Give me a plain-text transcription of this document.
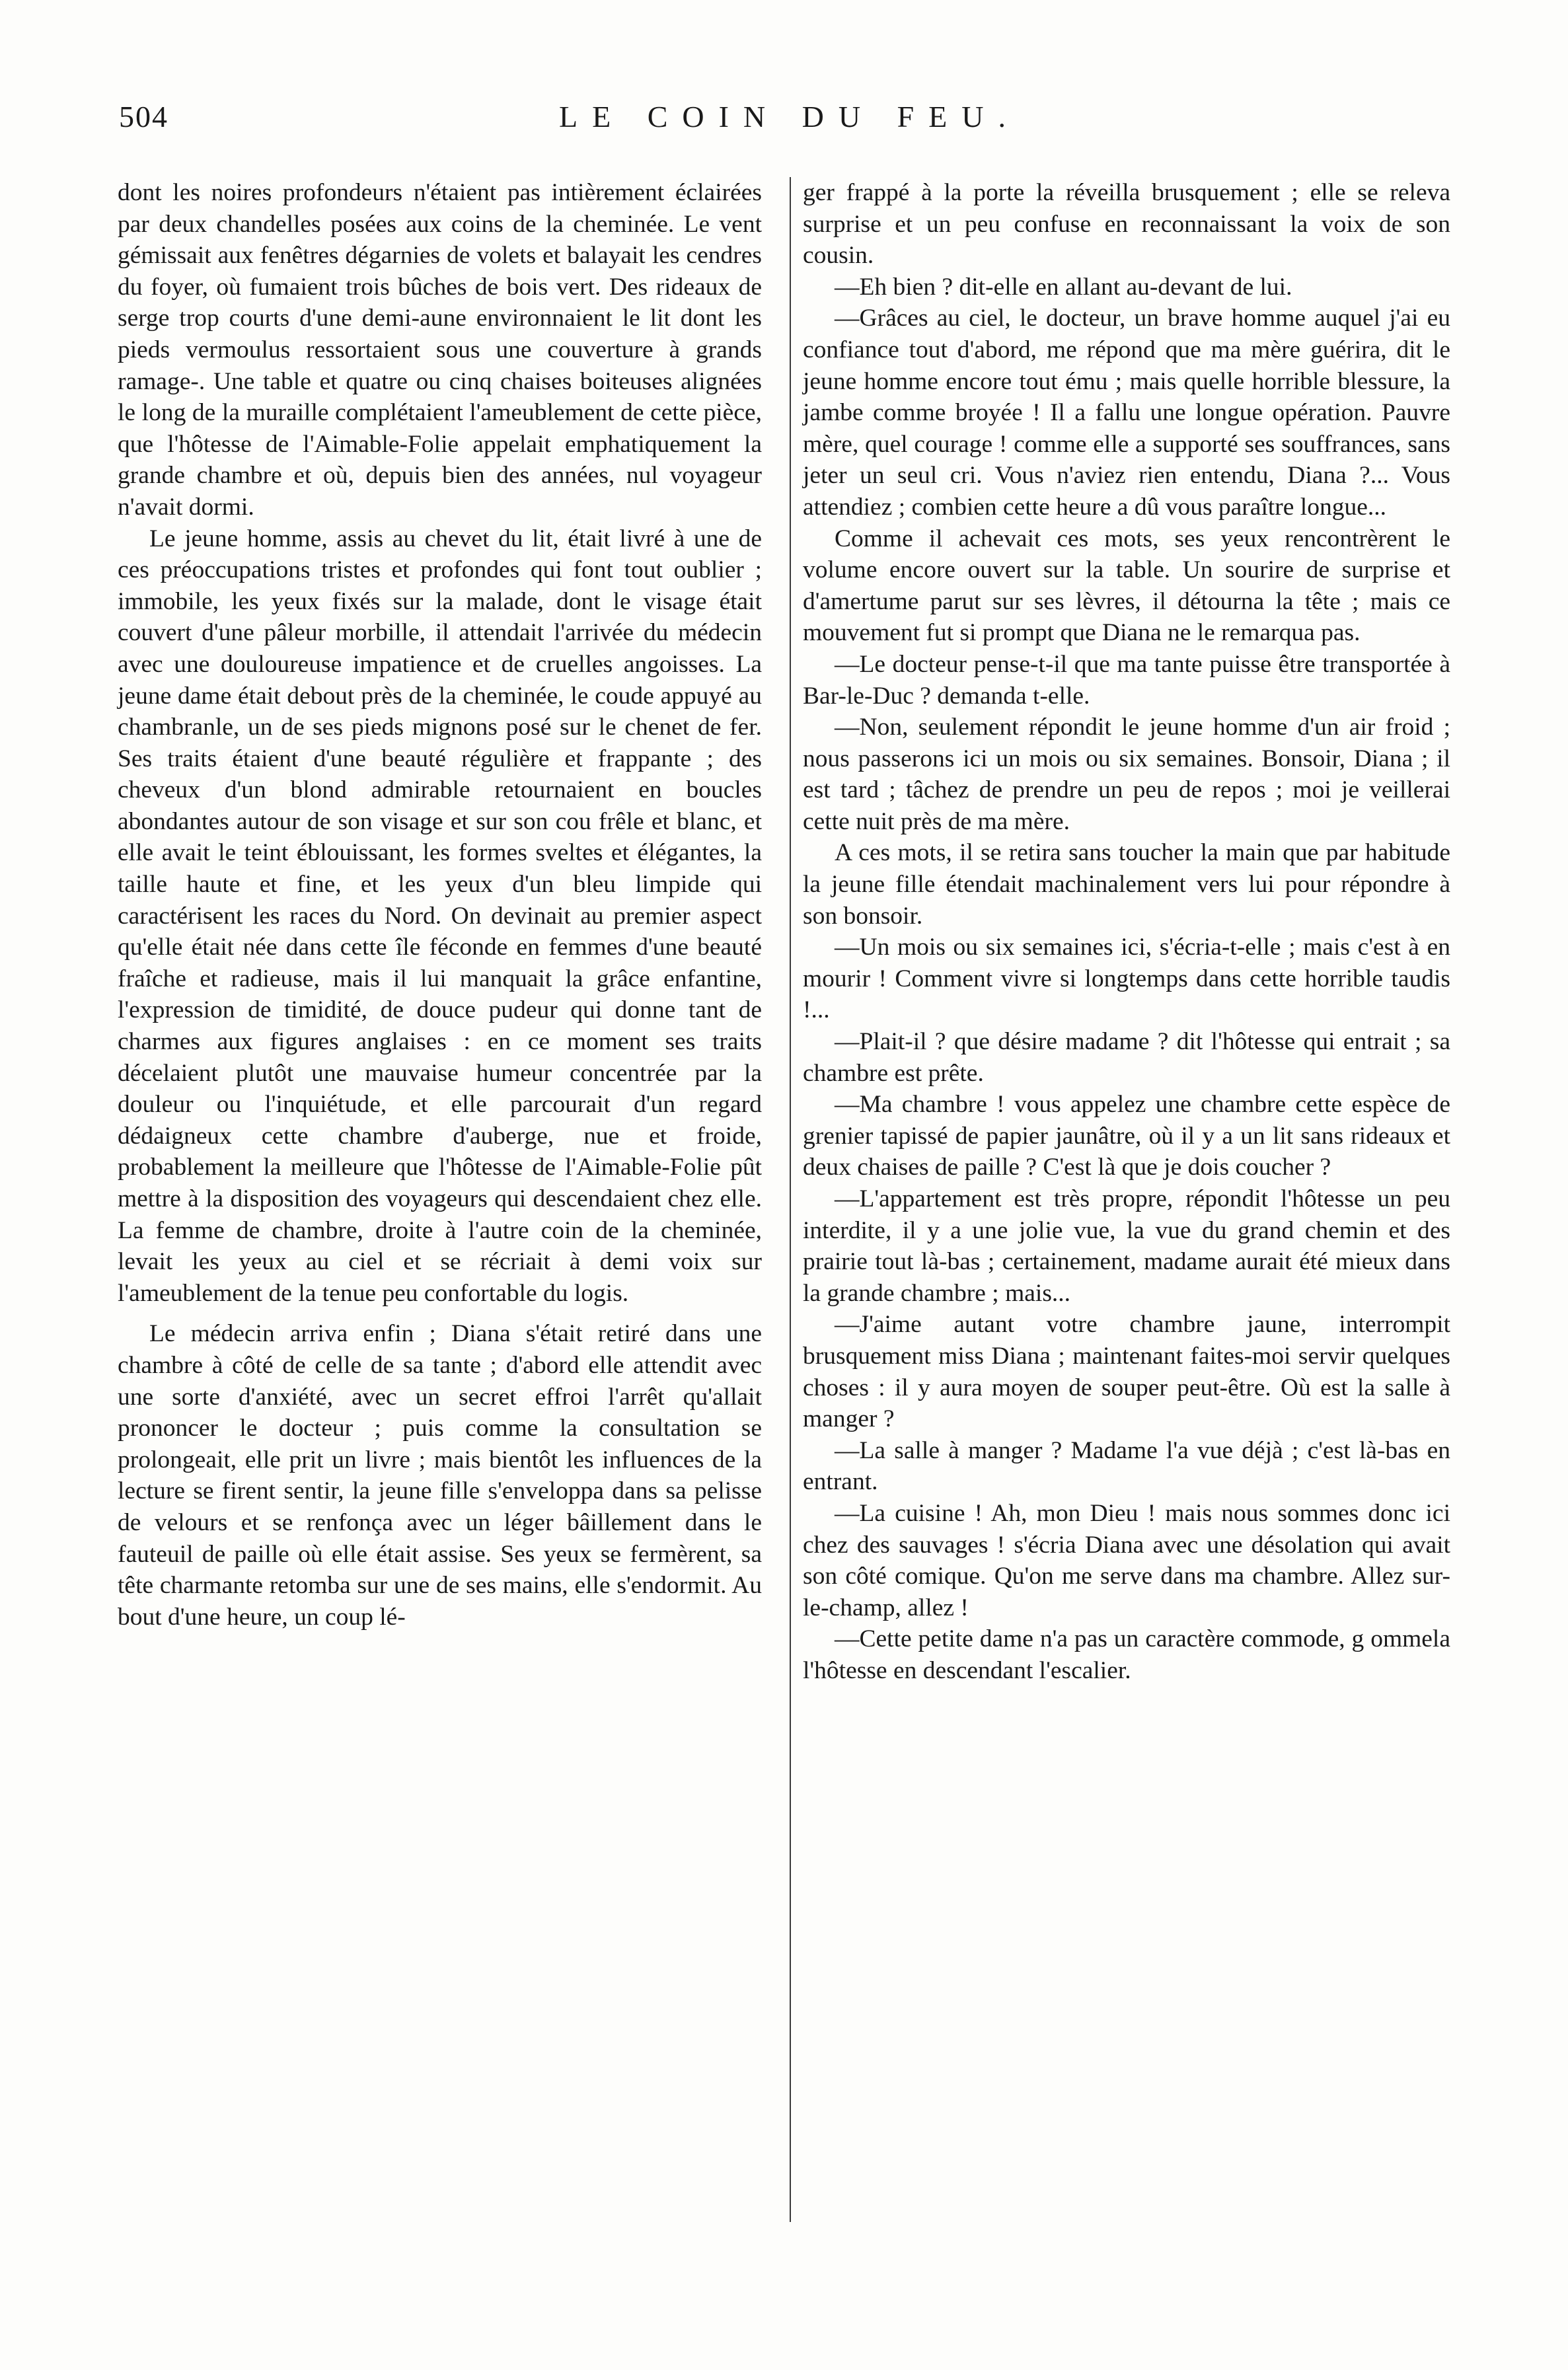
504	LE COIN DU FEU.

dont les noires profondeurs n'étaient pas intièrement éclairées par deux chandelles posées aux coins de la cheminée. Le vent gémissait aux fenêtres dégarnies de volets et balayait les cendres du foyer, où fumaient trois bûches de bois vert. Des rideaux de serge trop courts d'une demi-aune environnaient le lit dont les pieds vermoulus ressortaient sous une couverture à grands ramage-. Une table et quatre ou cinq chaises boiteuses alignées le long de la muraille complétaient l'ameublement de cette pièce, que l'hôtesse de l'Aimable-Folie appelait emphatiquement la grande chambre et où, depuis bien des années, nul voyageur n'avait dormi.

Le jeune homme, assis au chevet du lit, était livré à une de ces préoccupations tristes et profondes qui font tout oublier ; immobile, les yeux fixés sur la malade, dont le visage était couvert d'une pâleur morbille, il attendait l'arrivée du médecin avec une douloureuse impatience et de cruelles angoisses. La jeune dame était debout près de la cheminée, le coude appuyé au chambranle, un de ses pieds mignons posé sur le chenet de fer. Ses traits étaient d'une beauté régulière et frappante ; des cheveux d'un blond admirable retournaient en boucles abondantes autour de son visage et sur son cou frêle et blanc, et elle avait le teint éblouissant, les formes sveltes et élégantes, la taille haute et fine, et les yeux d'un bleu limpide qui caractérisent les races du Nord. On devinait au premier aspect qu'elle était née dans cette île féconde en femmes d'une beauté fraîche et radieuse, mais il lui manquait la grâce enfantine, l'expression de timidité, de douce pudeur qui donne tant de charmes aux figures anglaises : en ce moment ses traits décelaient plutôt une mauvaise humeur concentrée par la douleur ou l'inquiétude, et elle parcourait d'un regard dédaigneux cette chambre d'auberge, nue et froide, probablement la meilleure que l'hôtesse de l'Aimable-Folie pût mettre à la disposition des voyageurs qui descendaient chez elle. La femme de chambre, droite à l'autre coin de la cheminée, levait les yeux au ciel et se récriait à demi voix sur l'ameublement de la tenue peu confortable du logis.

Le médecin arriva enfin ; Diana s'était retiré dans une chambre à côté de celle de sa tante ; d'abord elle attendit avec une sorte d'anxiété, avec un secret effroi l'arrêt qu'allait prononcer le docteur ; puis comme la consultation se prolongeait, elle prit un livre ; mais bientôt les influences de la lecture se firent sentir, la jeune fille s'enveloppa dans sa pelisse de velours et se renfonça avec un léger bâillement dans le fauteuil de paille où elle était assise. Ses yeux se fermèrent, sa tête charmante retomba sur une de ses mains, elle s'endormit. Au bout d'une heure, un coup lé-

ger frappé à la porte la réveilla brusquement ; elle se releva surprise et un peu confuse en reconnaissant la voix de son cousin.

—Eh bien ? dit-elle en allant au-devant de lui.

—Grâces au ciel, le docteur, un brave homme auquel j'ai eu confiance tout d'abord, me répond que ma mère guérira, dit le jeune homme encore tout ému ; mais quelle horrible blessure, la jambe comme broyée ! Il a fallu une longue opération. Pauvre mère, quel courage ! comme elle a supporté ses souffrances, sans jeter un seul cri. Vous n'aviez rien entendu, Diana ?... Vous attendiez ; combien cette heure a dû vous paraître longue...

Comme il achevait ces mots, ses yeux rencontrèrent le volume encore ouvert sur la table. Un sourire de surprise et d'amertume parut sur ses lèvres, il détourna la tête ; mais ce mouvement fut si prompt que Diana ne le remarqua pas.

—Le docteur pense-t-il que ma tante puisse être transportée à Bar-le-Duc ? demanda t-elle.

—Non, seulement répondit le jeune homme d'un air froid ; nous passerons ici un mois ou six semaines. Bonsoir, Diana ; il est tard ; tâchez de prendre un peu de repos ; moi je veillerai cette nuit près de ma mère.

A ces mots, il se retira sans toucher la main que par habitude la jeune fille étendait machinalement vers lui pour répondre à son bonsoir.

—Un mois ou six semaines ici, s'écria-t-elle ; mais c'est à en mourir ! Comment vivre si longtemps dans cette horrible taudis !...

—Plait-il ? que désire madame ? dit l'hôtesse qui entrait ; sa chambre est prête.

—Ma chambre ! vous appelez une chambre cette espèce de grenier tapissé de papier jaunâtre, où il y a un lit sans rideaux et deux chaises de paille ? C'est là que je dois coucher ?

—L'appartement est très propre, répondit l'hôtesse un peu interdite, il y a une jolie vue, la vue du grand chemin et des prairie tout là-bas ; certainement, madame aurait été mieux dans la grande chambre ; mais...

—J'aime autant votre chambre jaune, interrompit brusquement miss Diana ; maintenant faites-moi servir quelques choses : il y aura moyen de souper peut-être. Où est la salle à manger ?

—La salle à manger ? Madame l'a vue déjà ; c'est là-bas en entrant.

—La cuisine ! Ah, mon Dieu ! mais nous sommes donc ici chez des sauvages ! s'écria Diana avec une désolation qui avait son côté comique. Qu'on me serve dans ma chambre. Allez sur-le-champ, allez !

—Cette petite dame n'a pas un caractère commode, g ommela l'hôtesse en descendant l'escalier.
